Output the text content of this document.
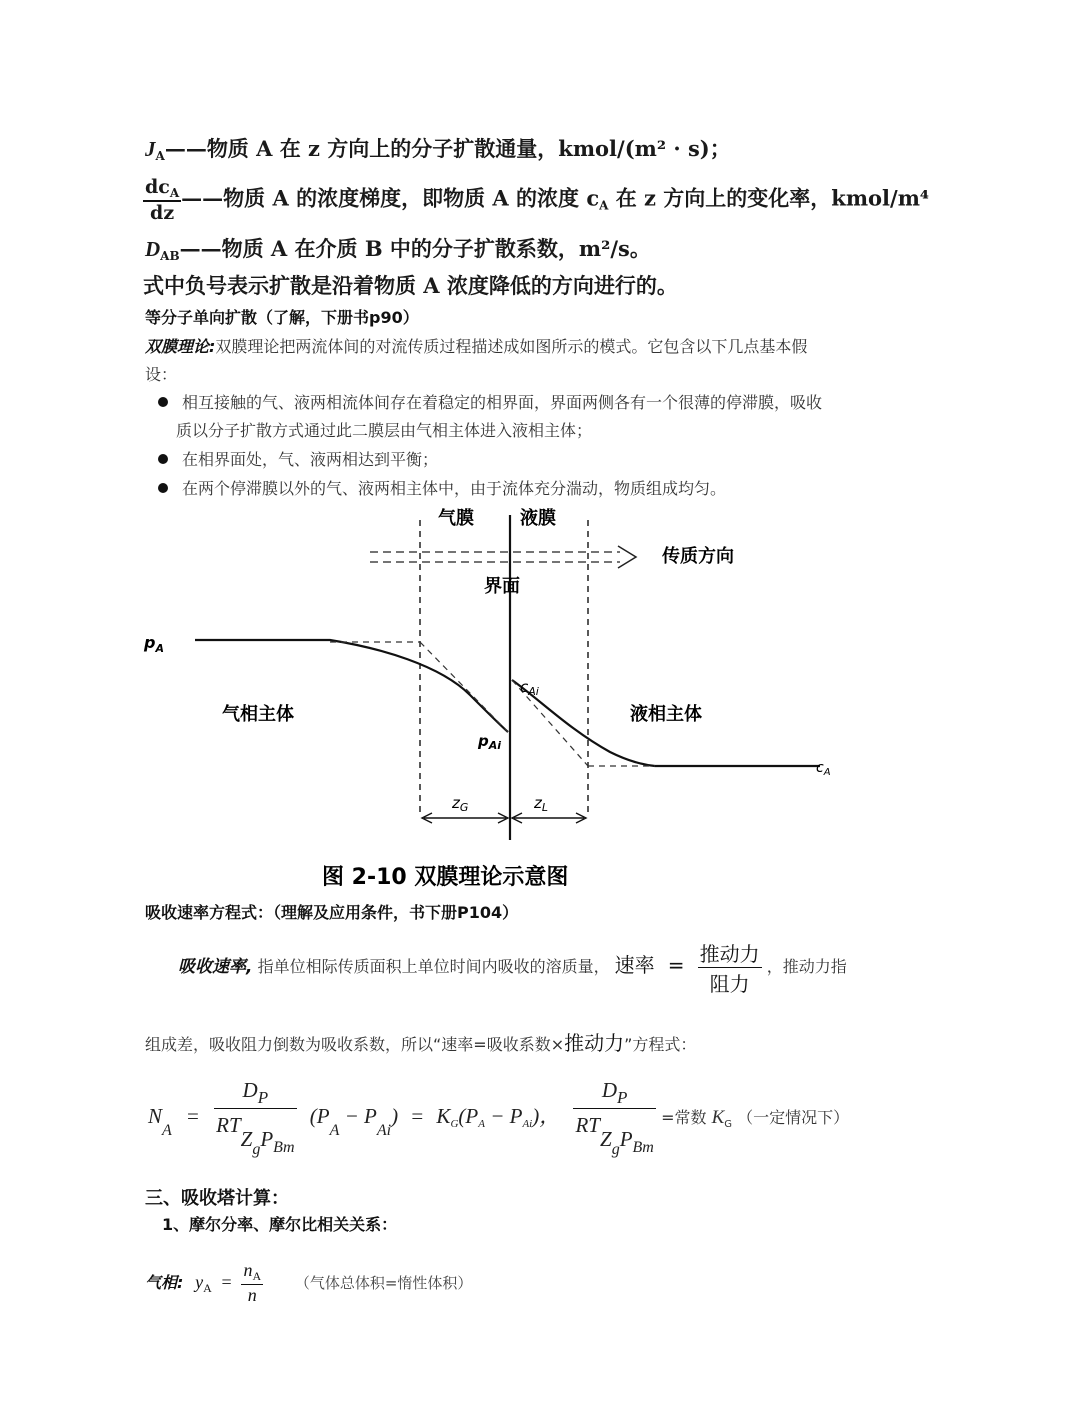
$J_A——$物质 A 在 z 方向上的分子扩散通量，kmol/(m² · s)；
$\frac{dc_A}{dz}$ ——物质 A 的浓度梯度，即物质 A 的浓度 $c_A$ 在 z 方向上的变化率，kmol/m⁴
$D_{AB}——$物质 A 在介质 B 中的分子扩散系数，m²/s。
式中负号表示扩散是沿着物质 A 浓度降低的方向进行的。
等分子单向扩散（了解，下册书p90）
双膜理论:双膜理论把两流体间的对流传质过程描述成如图所示的模式。它包含以下几点基本假
设：
相互接触的气、液两相流体间存在着稳定的相界面，界面两侧各有一个很薄的停滞膜，吸收
质以分子扩散方式通过此二膜层由气相主体进入液相主体；
在相界面处，气、液两相达到平衡；
在两个停滞膜以外的气、液两相主体中，由于流体充分湍动，物质组成均匀。
气膜	液膜
传质方向
界面
$p_A$
气相主体	液相主体
$c_{Ai}$
$p_{Ai}$
$c_A$
$z_G$	$z_L$
图 2-10 双膜理论示意图
吸收速率方程式：（理解及应用条件，书下册P104）
吸收速率, 指单位相际传质面积上单位时间内吸收的溶质量， 速率 = $\frac{\text{推动力}}{\text{阻力}}$ ，推动力指
组成差，吸收阻力倒数为吸收系数，所以“速率=吸收系数×推动力”方程式：
$N_A = \frac{D_P}{RTZ_gP_{Bm}} (P_A - P_{Ai}) = K_G(P_A - P_{Ai})$， $\frac{D_P}{RTZ_gP_{Bm}}$ =常数 $K_G$ （一定情况下）
三、吸收塔计算：
1、摩尔分率、摩尔比相关关系：
气相: $y_A = \frac{n_A}{n}$ （气体总体积=惰性体积）
